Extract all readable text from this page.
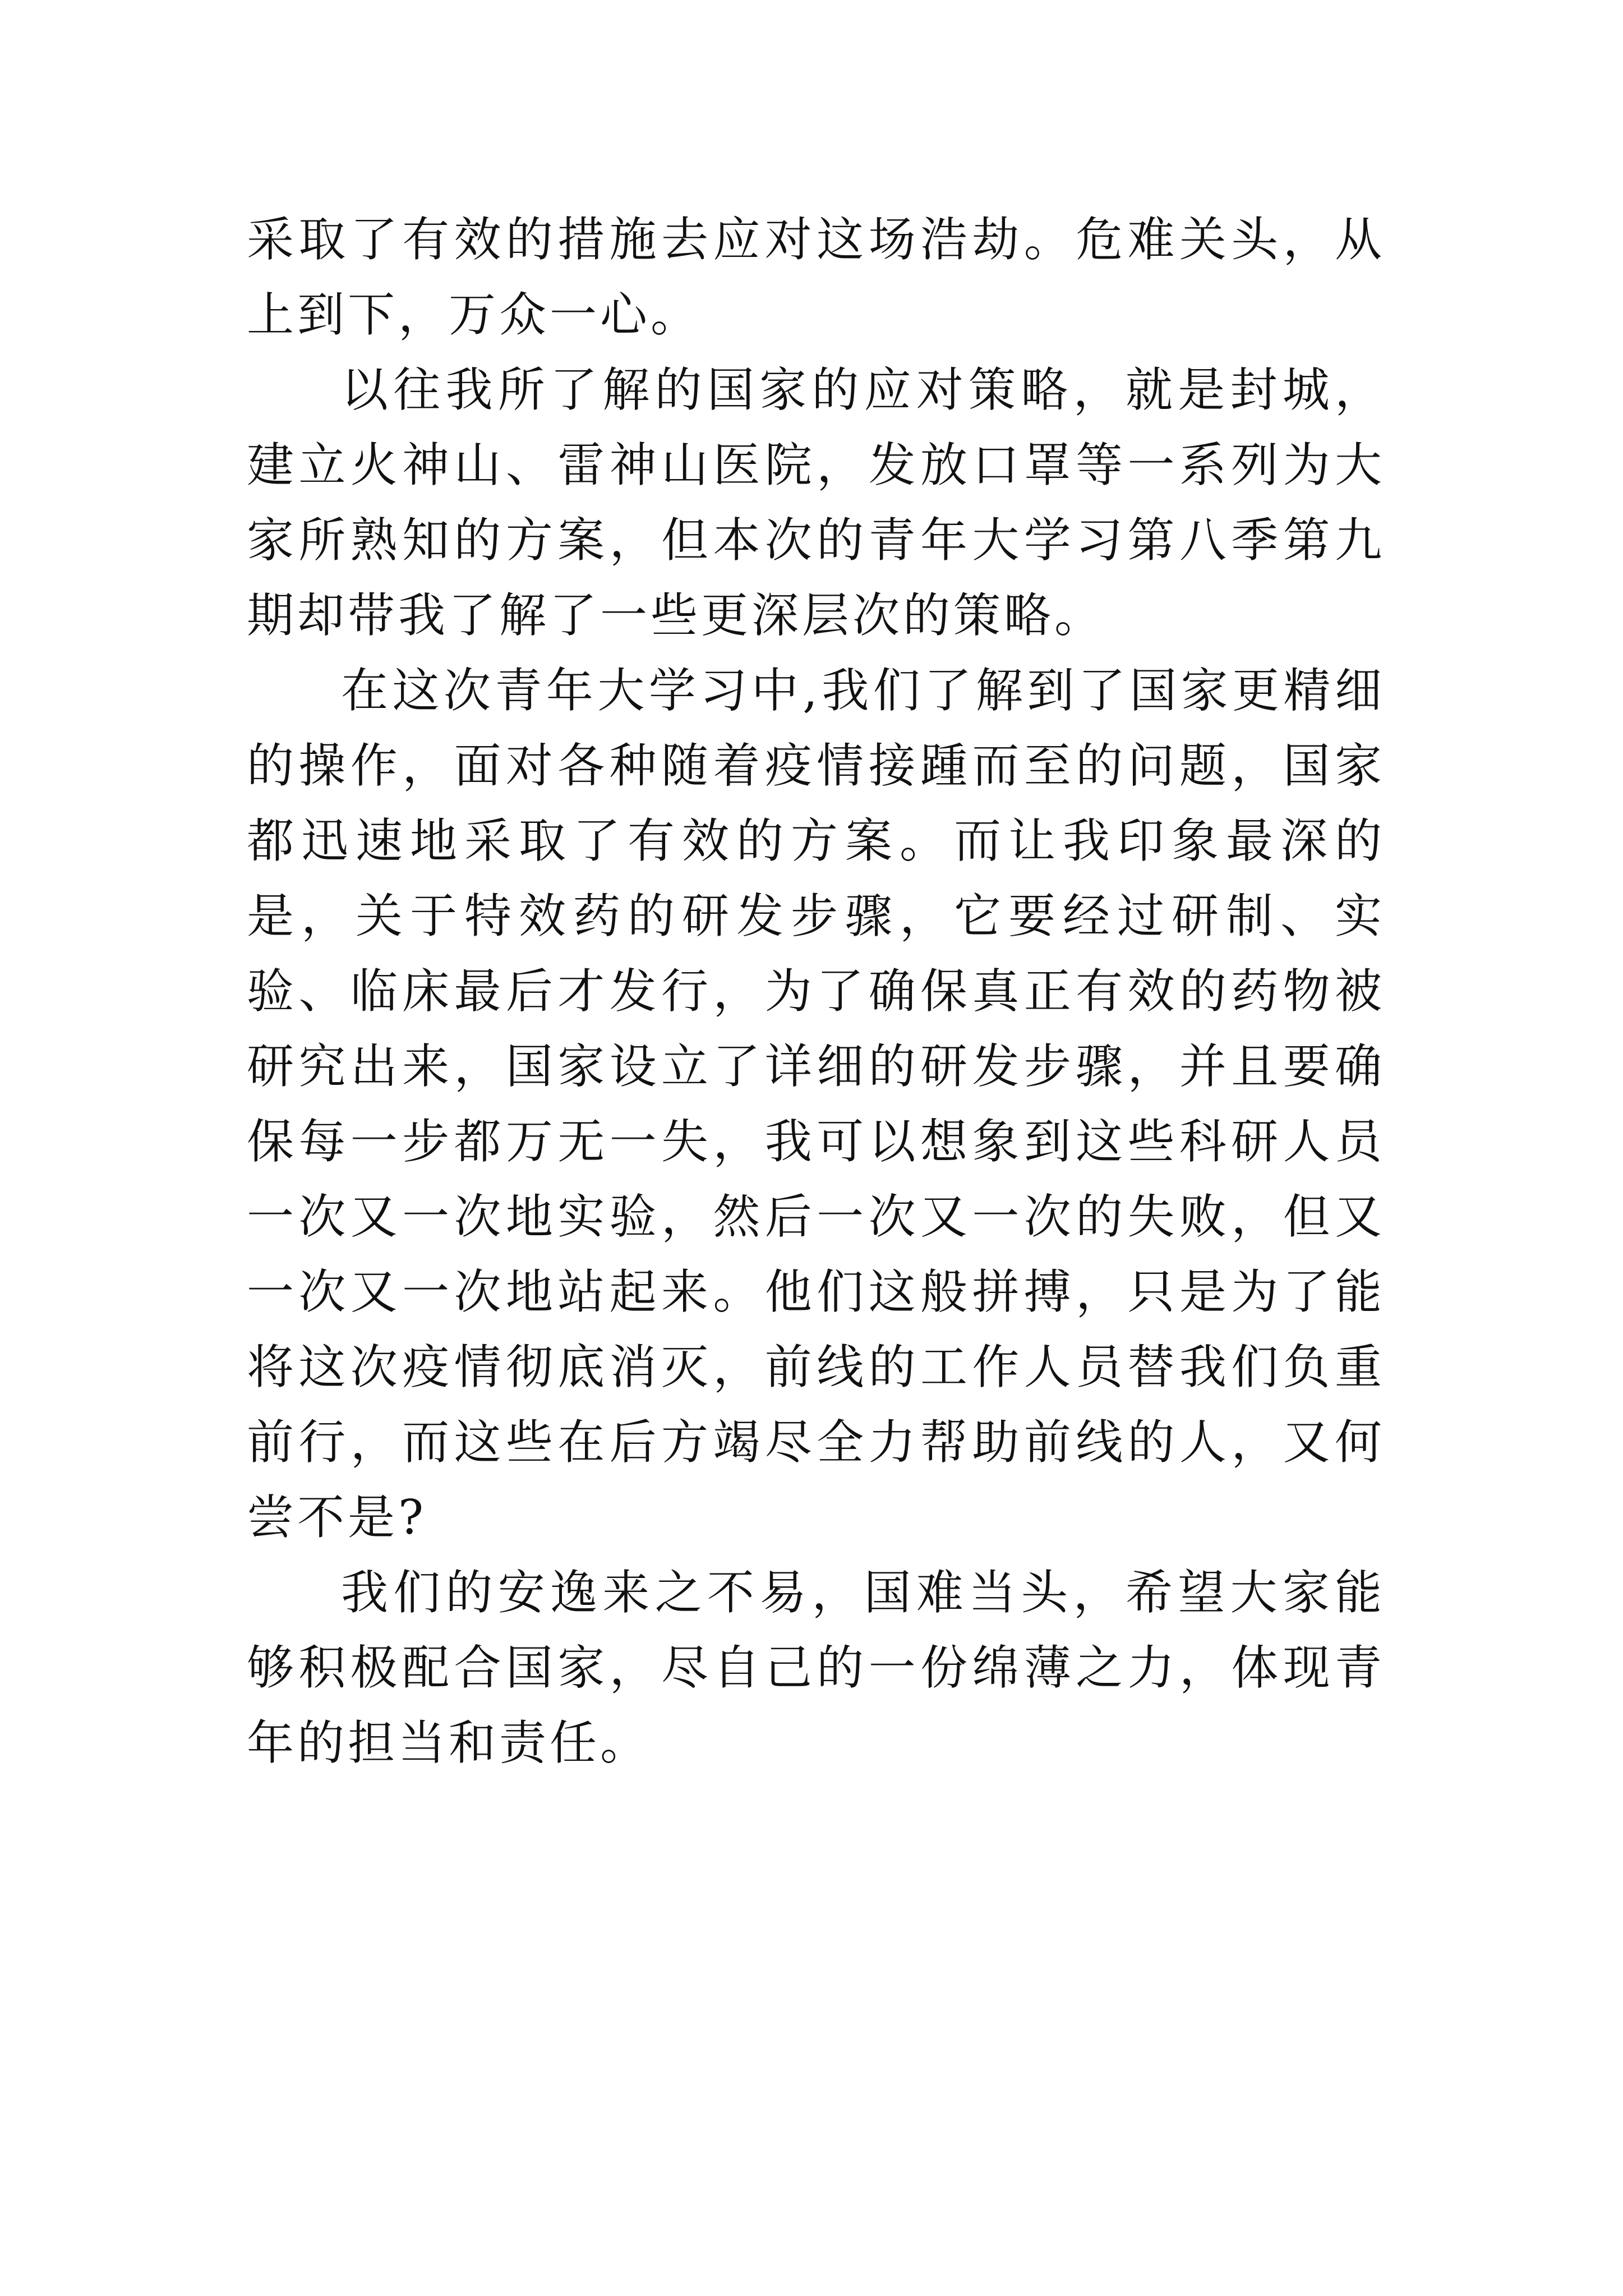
采取了有效的措施去应对这场浩劫。危难关头，从上到下，万众一心。

以往我所了解的国家的应对策略，就是封城，建立火神山、雷神山医院，发放口罩等一系列为大家所熟知的方案，但本次的青年大学习第八季第九期却带我了解了一些更深层次的策略。

在这次青年大学习中,我们了解到了国家更精细的操作，面对各种随着疫情接踵而至的问题，国家都迅速地采取了有效的方案。而让我印象最深的是，关于特效药的研发步骤，它要经过研制、实验、临床最后才发行，为了确保真正有效的药物被研究出来，国家设立了详细的研发步骤，并且要确保每一步都万无一失，我可以想象到这些科研人员一次又一次地实验，然后一次又一次的失败，但又一次又一次地站起来。他们这般拼搏，只是为了能将这次疫情彻底消灭，前线的工作人员替我们负重前行，而这些在后方竭尽全力帮助前线的人，又何尝不是?

我们的安逸来之不易，国难当头，希望大家能够积极配合国家，尽自己的一份绵薄之力，体现青年的担当和责任。
